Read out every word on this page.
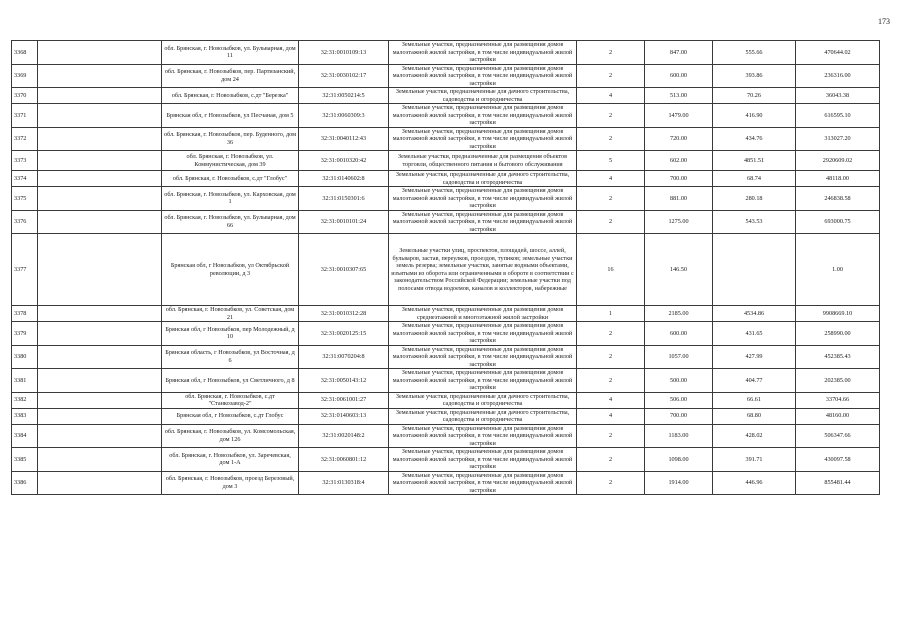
173
3368		обл. Брянская, г. Новозыбков, ул. Бульварная, дом 11	32:31:0010109:13	Земельные участки, предназначенные для размещения домов малоэтажной жилой застройки, в том числе индивидуальной жилой застройки	2	847.00	555.66	470644.02
3369		обл. Брянская, г. Новозыбков, пер. Партизанский, дом 24	32:31:0030102:17	Земельные участки, предназначенные для размещения домов малоэтажной жилой застройки, в том числе индивидуальной жилой застройки	2	600.00	393.86	236316.00
3370		обл. Брянская, г. Новозыбков, с.дт "Березка"	32:31:0050214:5	Земельные участки, предназначенные для дачного строительства, садоводства и огородничества	4	513.00	70.26	36043.38
3371		Брянская обл, г Новозыбков, ул Песчаная, дом 5	32:31:0060309:3	Земельные участки, предназначенные для размещения домов малоэтажной жилой застройки, в том числе индивидуальной жилой застройки	2	1479.00	416.90	616595.10
3372		обл. Брянская, г. Новозыбков, пер. Буденного, дом 36	32:31:0040112:43	Земельные участки, предназначенные для размещения домов малоэтажной жилой застройки, в том числе индивидуальной жилой застройки	2	720.00	434.76	313027.20
3373		обл. Брянская, г. Новозыбков, ул. Коммунистическая, дом 39	32:31:0010320:42	Земельные участки, предназначенные для размещения объектов торговли, общественного питания и бытового обслуживания	5	602.00	4851.51	2920609.02
3374		обл. Брянская, г. Новозыбков, с.дт "Глобус"	32:31:0140602:8	Земельные участки, предназначенные для дачного строительства, садоводства и огородничества	4	700.00	68.74	48118.00
3375		обл. Брянская, г. Новозыбков, ул. Карховская, дом 1	32:31:0150301:6	Земельные участки, предназначенные для размещения домов малоэтажной жилой застройки, в том числе индивидуальной жилой застройки	2	881.00	280.18	246838.58
3376		обл. Брянская, г. Новозыбков, ул. Бульварная, дом 66	32:31:0010101:24	Земельные участки, предназначенные для размещения домов малоэтажной жилой застройки, в том числе индивидуальной жилой застройки	2	1275.00	543.53	693000.75
3377		Брянская обл, г Новозыбков, ул Октябрьской революции, д 3	32:31:0010307:65	Земельные участки улиц, проспектов, площадей, шоссе, аллей, бульваров, застав, переулков, проездов, тупиков; земельные участки земель резерва; земельные участки, занятые водными объектами, изъятыми из оборота или ограниченными в обороте в соответствии с законодательством Российской Федерации; земельные участки под полосами отвода водоемов, каналов и коллекторов, набережные	16	146.50		1.00
3378		обл. Брянская, г. Новозыбков, ул. Советская, дом 21	32:31:0010312:28	Земельные участки, предназначенные для размещения домов среднеэтажной и многоэтажной жилой застройки	1	2185.00	4534.86	9908669.10
3379		Брянская обл, г Новозыбков, пер Молодежный, д 10	32:31:0020125:15	Земельные участки, предназначенные для размещения домов малоэтажной жилой застройки, в том числе индивидуальной жилой застройки	2	600.00	431.65	258990.00
3380		Брянская область, г Новозыбков, ул Восточная, д 6	32:31:0070204:8	Земельные участки, предназначенные для размещения домов малоэтажной жилой застройки, в том числе индивидуальной жилой застройки	2	1057.00	427.99	452385.43
3381		Брянская обл, г Новозыбков, ул Светличного, д 8	32:31:0050143:12	Земельные участки, предназначенные для размещения домов малоэтажной жилой застройки, в том числе индивидуальной жилой застройки	2	500.00	404.77	202385.00
3382		обл. Брянская, г. Новозыбков, с.дт "Станкозавод-2"	32:31:0061001:27	Земельные участки, предназначенные для дачного строительства, садоводства и огородничества	4	506.00	66.61	33704.66
3383		Брянская обл, г Новозыбков, с.дт Глобус	32:31:0140603:13	Земельные участки, предназначенные для дачного строительства, садоводства и огородничества	4	700.00	68.80	48160.00
3384		обл. Брянская, г. Новозыбков, ул. Комсомольская, дом 126	32:31:0020148:2	Земельные участки, предназначенные для размещения домов малоэтажной жилой застройки, в том числе индивидуальной жилой застройки	2	1183.00	428.02	506347.66
3385		обл. Брянская, г. Новозыбков, ул. Заречевская, дом 1-А	32:31:0060801:12	Земельные участки, предназначенные для размещения домов малоэтажной жилой застройки, в том числе индивидуальной жилой застройки	2	1098.00	391.71	430097.58
3386		обл. Брянская, г. Новозыбков, проезд Березовый, дом 3	32:31:0130318:4	Земельные участки, предназначенные для размещения домов малоэтажной жилой застройки, в том числе индивидуальной жилой застройки	2	1914.00	446.96	855481.44
